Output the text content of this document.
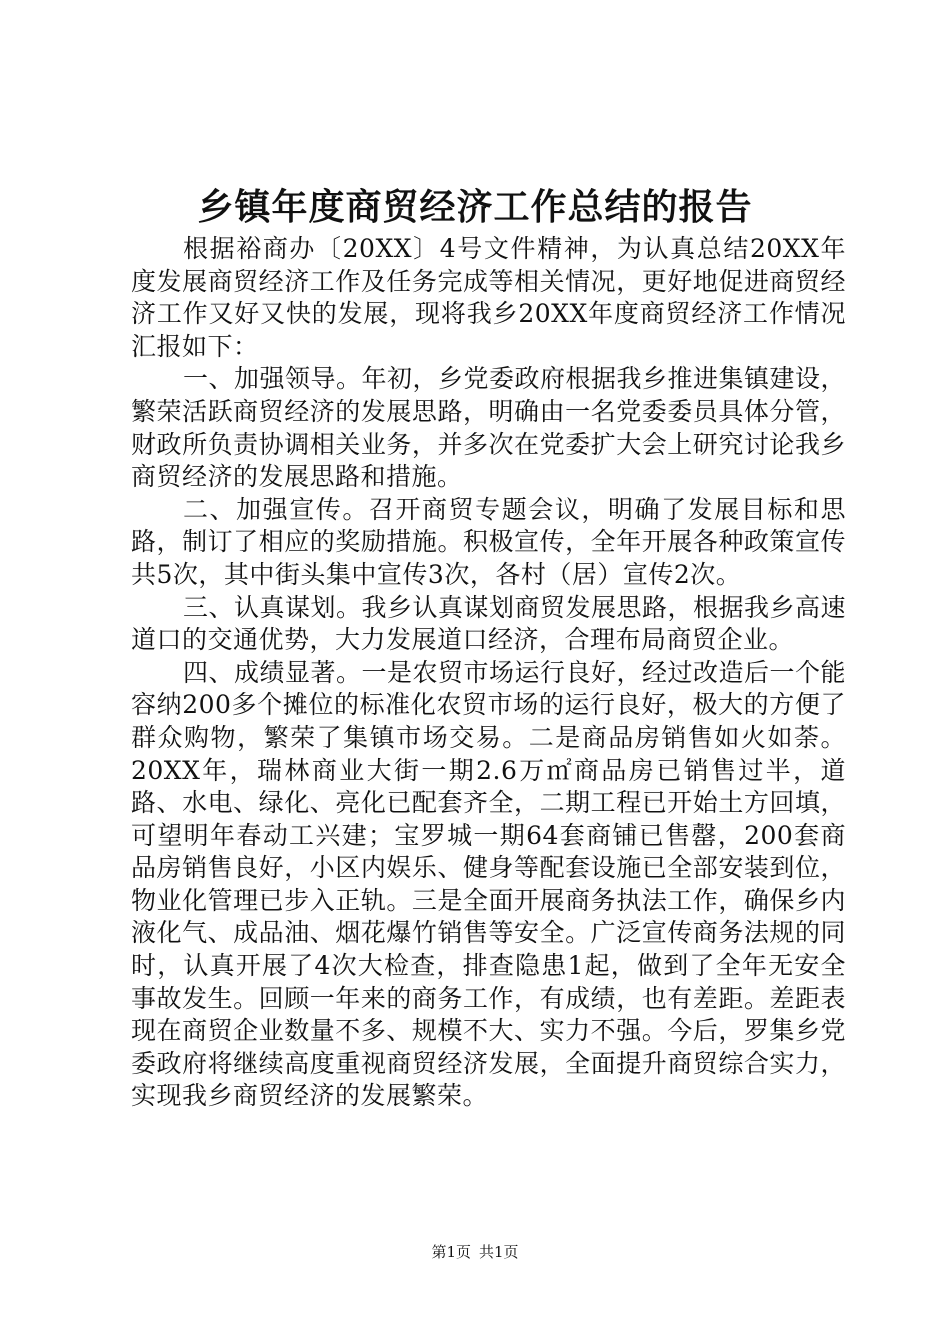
乡镇年度商贸经济工作总结的报告

根据裕商办〔20XX〕4号文件精神，为认真总结20XX年度发展商贸经济工作及任务完成等相关情况，更好地促进商贸经济工作又好又快的发展，现将我乡20XX年度商贸经济工作情况汇报如下：

一、加强领导。年初，乡党委政府根据我乡推进集镇建设，繁荣活跃商贸经济的发展思路，明确由一名党委委员具体分管，财政所负责协调相关业务，并多次在党委扩大会上研究讨论我乡商贸经济的发展思路和措施。

二、加强宣传。召开商贸专题会议，明确了发展目标和思路，制订了相应的奖励措施。积极宣传，全年开展各种政策宣传共5次，其中街头集中宣传3次，各村（居）宣传2次。

三、认真谋划。我乡认真谋划商贸发展思路，根据我乡高速道口的交通优势，大力发展道口经济，合理布局商贸企业。

四、成绩显著。一是农贸市场运行良好，经过改造后一个能容纳200多个摊位的标准化农贸市场的运行良好，极大的方便了群众购物，繁荣了集镇市场交易。二是商品房销售如火如荼。20XX年，瑞林商业大街一期2.6万㎡商品房已销售过半，道路、水电、绿化、亮化已配套齐全，二期工程已开始土方回填，可望明年春动工兴建；宝罗城一期64套商铺已售罄，200套商品房销售良好，小区内娱乐、健身等配套设施已全部安装到位，物业化管理已步入正轨。三是全面开展商务执法工作，确保乡内液化气、成品油、烟花爆竹销售等安全。广泛宣传商务法规的同时，认真开展了4次大检查，排查隐患1起，做到了全年无安全事故发生。回顾一年来的商务工作，有成绩，也有差距。差距表现在商贸企业数量不多、规模不大、实力不强。今后，罗集乡党委政府将继续高度重视商贸经济发展，全面提升商贸综合实力，实现我乡商贸经济的发展繁荣。

第1页 共1页
